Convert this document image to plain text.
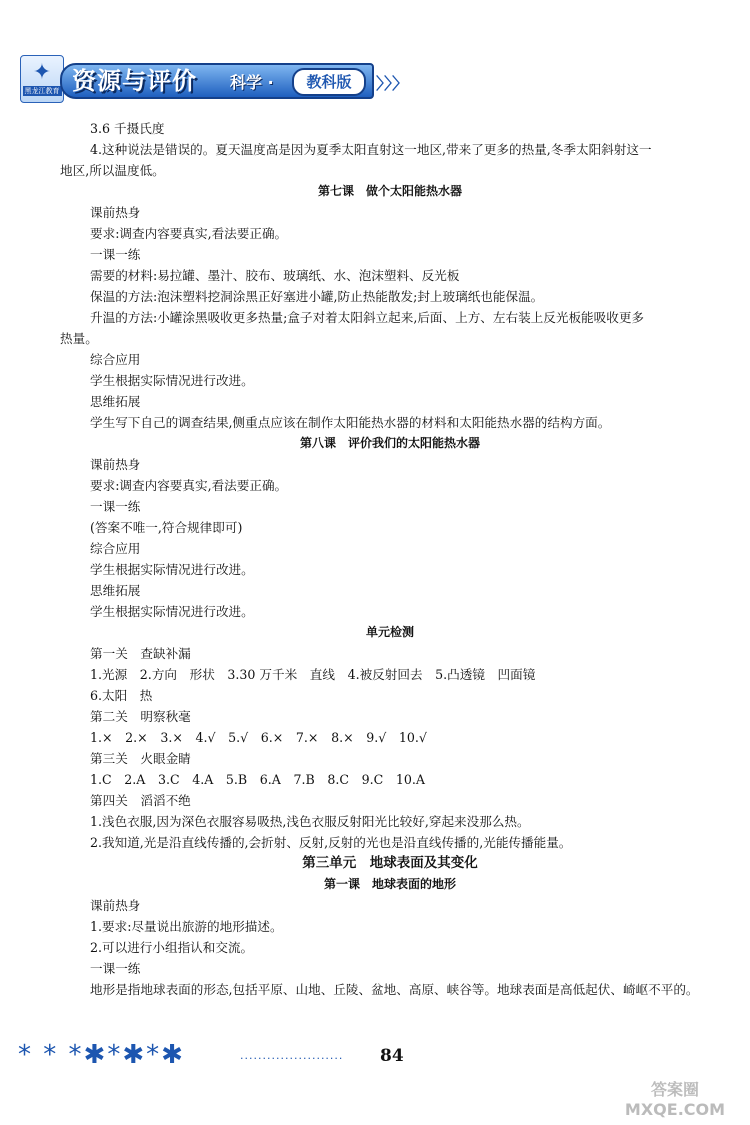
✦
黑龙江教育 资源与评价 科学 ·	教科版	〉〉〉
3.6 千摄氏度
4.这种说法是错误的。夏天温度高是因为夏季太阳直射这一地区,带来了更多的热量,冬季太阳斜射这一
地区,所以温度低。
第七课　做个太阳能热水器
课前热身
要求:调查内容要真实,看法要正确。
一课一练
需要的材料:易拉罐、墨汁、胶布、玻璃纸、水、泡沫塑料、反光板
保温的方法:泡沫塑料挖洞涂黑正好塞进小罐,防止热能散发;封上玻璃纸也能保温。
升温的方法:小罐涂黑吸收更多热量;盒子对着太阳斜立起来,后面、上方、左右装上反光板能吸收更多
热量。
综合应用
学生根据实际情况进行改进。
思维拓展
学生写下自己的调查结果,侧重点应该在制作太阳能热水器的材料和太阳能热水器的结构方面。
第八课　评价我们的太阳能热水器
课前热身
要求:调查内容要真实,看法要正确。
一课一练
(答案不唯一,符合规律即可)
综合应用
学生根据实际情况进行改进。
思维拓展
学生根据实际情况进行改进。
单元检测
第一关　查缺补漏
1.光源　2.方向　形状　3.30 万千米　直线　4.被反射回去　5.凸透镜　凹面镜
6.太阳　热
第二关　明察秋毫
1.×　2.×　3.×　4.√　5.√　6.×　7.×　8.×　9.√　10.√
第三关　火眼金睛
1.C　2.A　3.C　4.A　5.B　6.A　7.B　8.C　9.C　10.A
第四关　滔滔不绝
1.浅色衣服,因为深色衣服容易吸热,浅色衣服反射阳光比较好,穿起来没那么热。
2.我知道,光是沿直线传播的,会折射、反射,反射的光也是沿直线传播的,光能传播能量。
第三单元　地球表面及其变化
第一课　地球表面的地形
课前热身
1.要求:尽量说出旅游的地形描述。
2.可以进行小组指认和交流。
一课一练
地形是指地球表面的形态,包括平原、山地、丘陵、盆地、高原、峡谷等。地球表面是高低起伏、崎岖不平的。
* * *✱*✱*✱	······················· 84
答案圈
MXQE.COM
